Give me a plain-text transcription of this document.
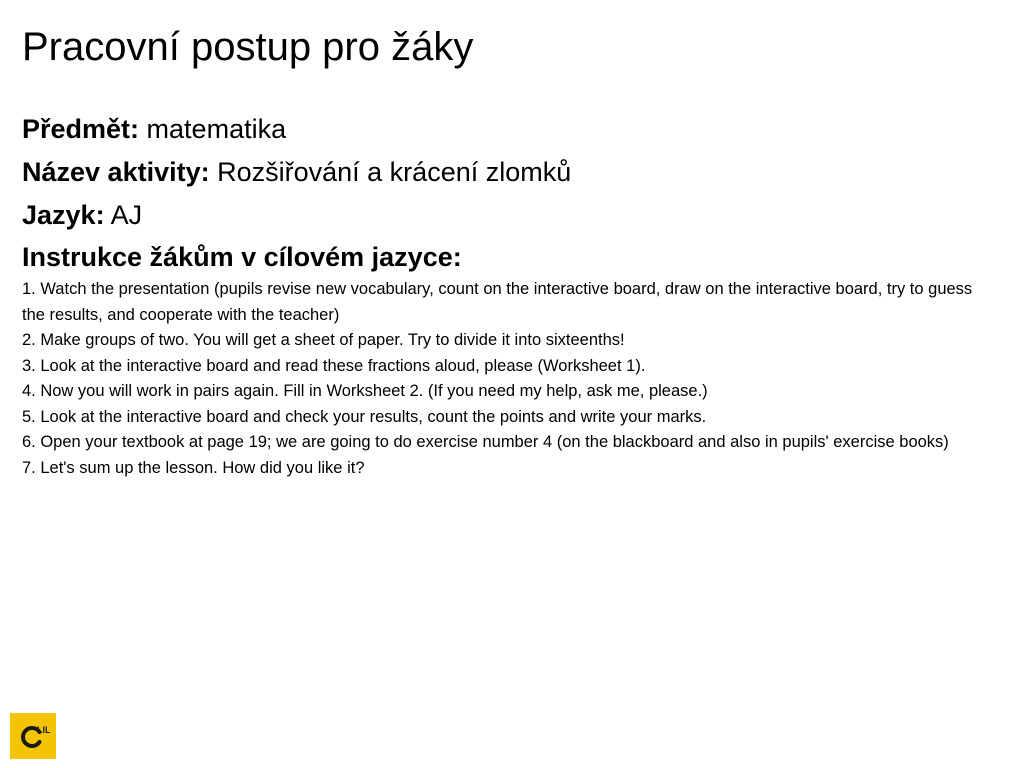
Pracovní postup pro žáky
Předmět: matematika
Název aktivity: Rozšiřování a krácení zlomků
Jazyk: AJ
Instrukce žákům v cílovém jazyce:
1. Watch the presentation (pupils revise new vocabulary, count on the interactive board, draw on the interactive board, try to guess the results, and cooperate with the teacher)
2. Make groups of two. You will get a sheet of paper. Try to divide it into sixteenths!
3. Look at the interactive board and read these fractions aloud, please (Worksheet 1).
4. Now you will work in pairs again. Fill in Worksheet 2. (If you need my help, ask me, please.)
5. Look at the interactive board and check your results, count the points and write your marks.
6. Open your textbook at page 19; we are going to do exercise number 4 (on the blackboard and also in pupils' exercise books)
7. Let's sum up the lesson. How did you like it?
LIL
